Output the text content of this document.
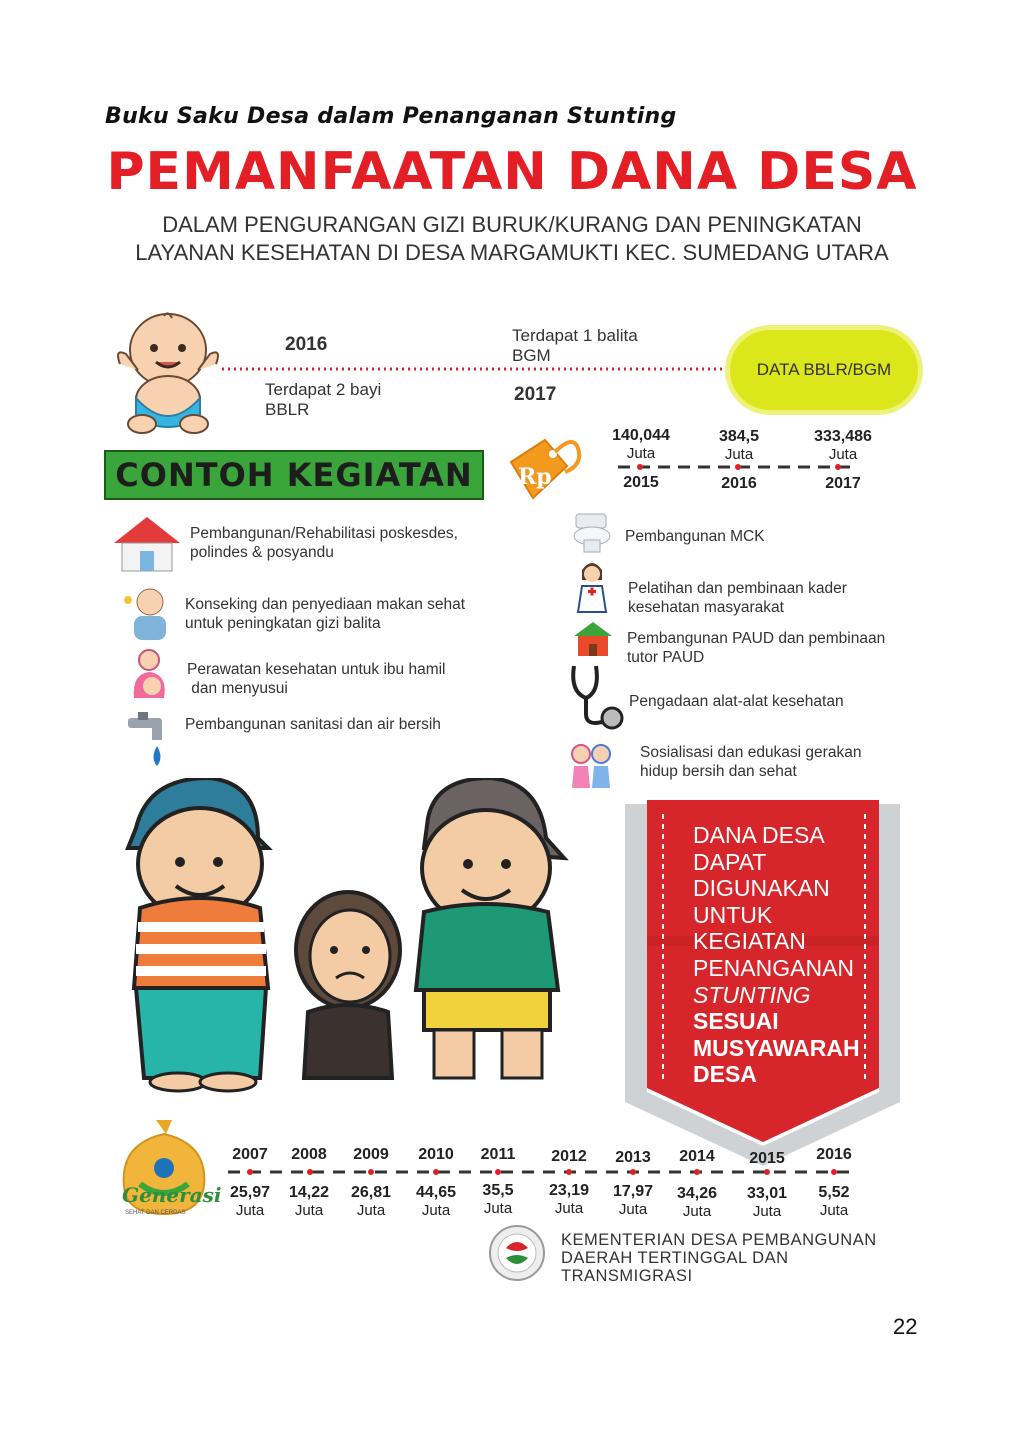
Buku Saku Desa dalam Penanganan Stunting
PEMANFAATAN DANA DESA
DALAM PENGURANGAN GIZI BURUK/KURANG DAN PENINGKATAN
LAYANAN KESEHATAN DI DESA MARGAMUKTI KEC. SUMEDANG UTARA
2016
Terdapat 2 bayi
BBLR
Terdapat 1 balita
BGM
2017
DATA BBLR/BGM
CONTOH KEGIATAN	Rp
140,044
Juta
2015
384,5
Juta
2016
333,486
Juta
2017
Pembangunan/Rehabilitasi poskesdes,
polindes & posyandu
Konseking dan penyediaan makan sehat
untuk peningkatan gizi balita
Perawatan kesehatan untuk ibu hamil
dan menyusui
Pembangunan sanitasi dan air bersih
Pembangunan MCK
Pelatihan dan pembinaan kader
kesehatan masyarakat
Pembangunan PAUD dan pembinaan
tutor PAUD
Pengadaan alat-alat kesehatan
Sosialisasi dan edukasi gerakan
hidup bersih dan sehat
DANA DESA
DAPAT
DIGUNAKAN
UNTUK
KEGIATAN
PENANGANAN
STUNTING
SESUAI
MUSYAWARAH
DESA
Generasi
SEHAT DAN CERDAS
2007
25,97
Juta
2008
14,22
Juta
2009
26,81
Juta
2010
44,65
Juta
2011
35,5
Juta
2012
23,19
Juta
2013
17,97
Juta
2014
34,26
Juta
2015
33,01
Juta
2016
5,52
Juta
KEMENTERIAN DESA PEMBANGUNAN
DAERAH TERTINGGAL DAN
TRANSMIGRASI
22
